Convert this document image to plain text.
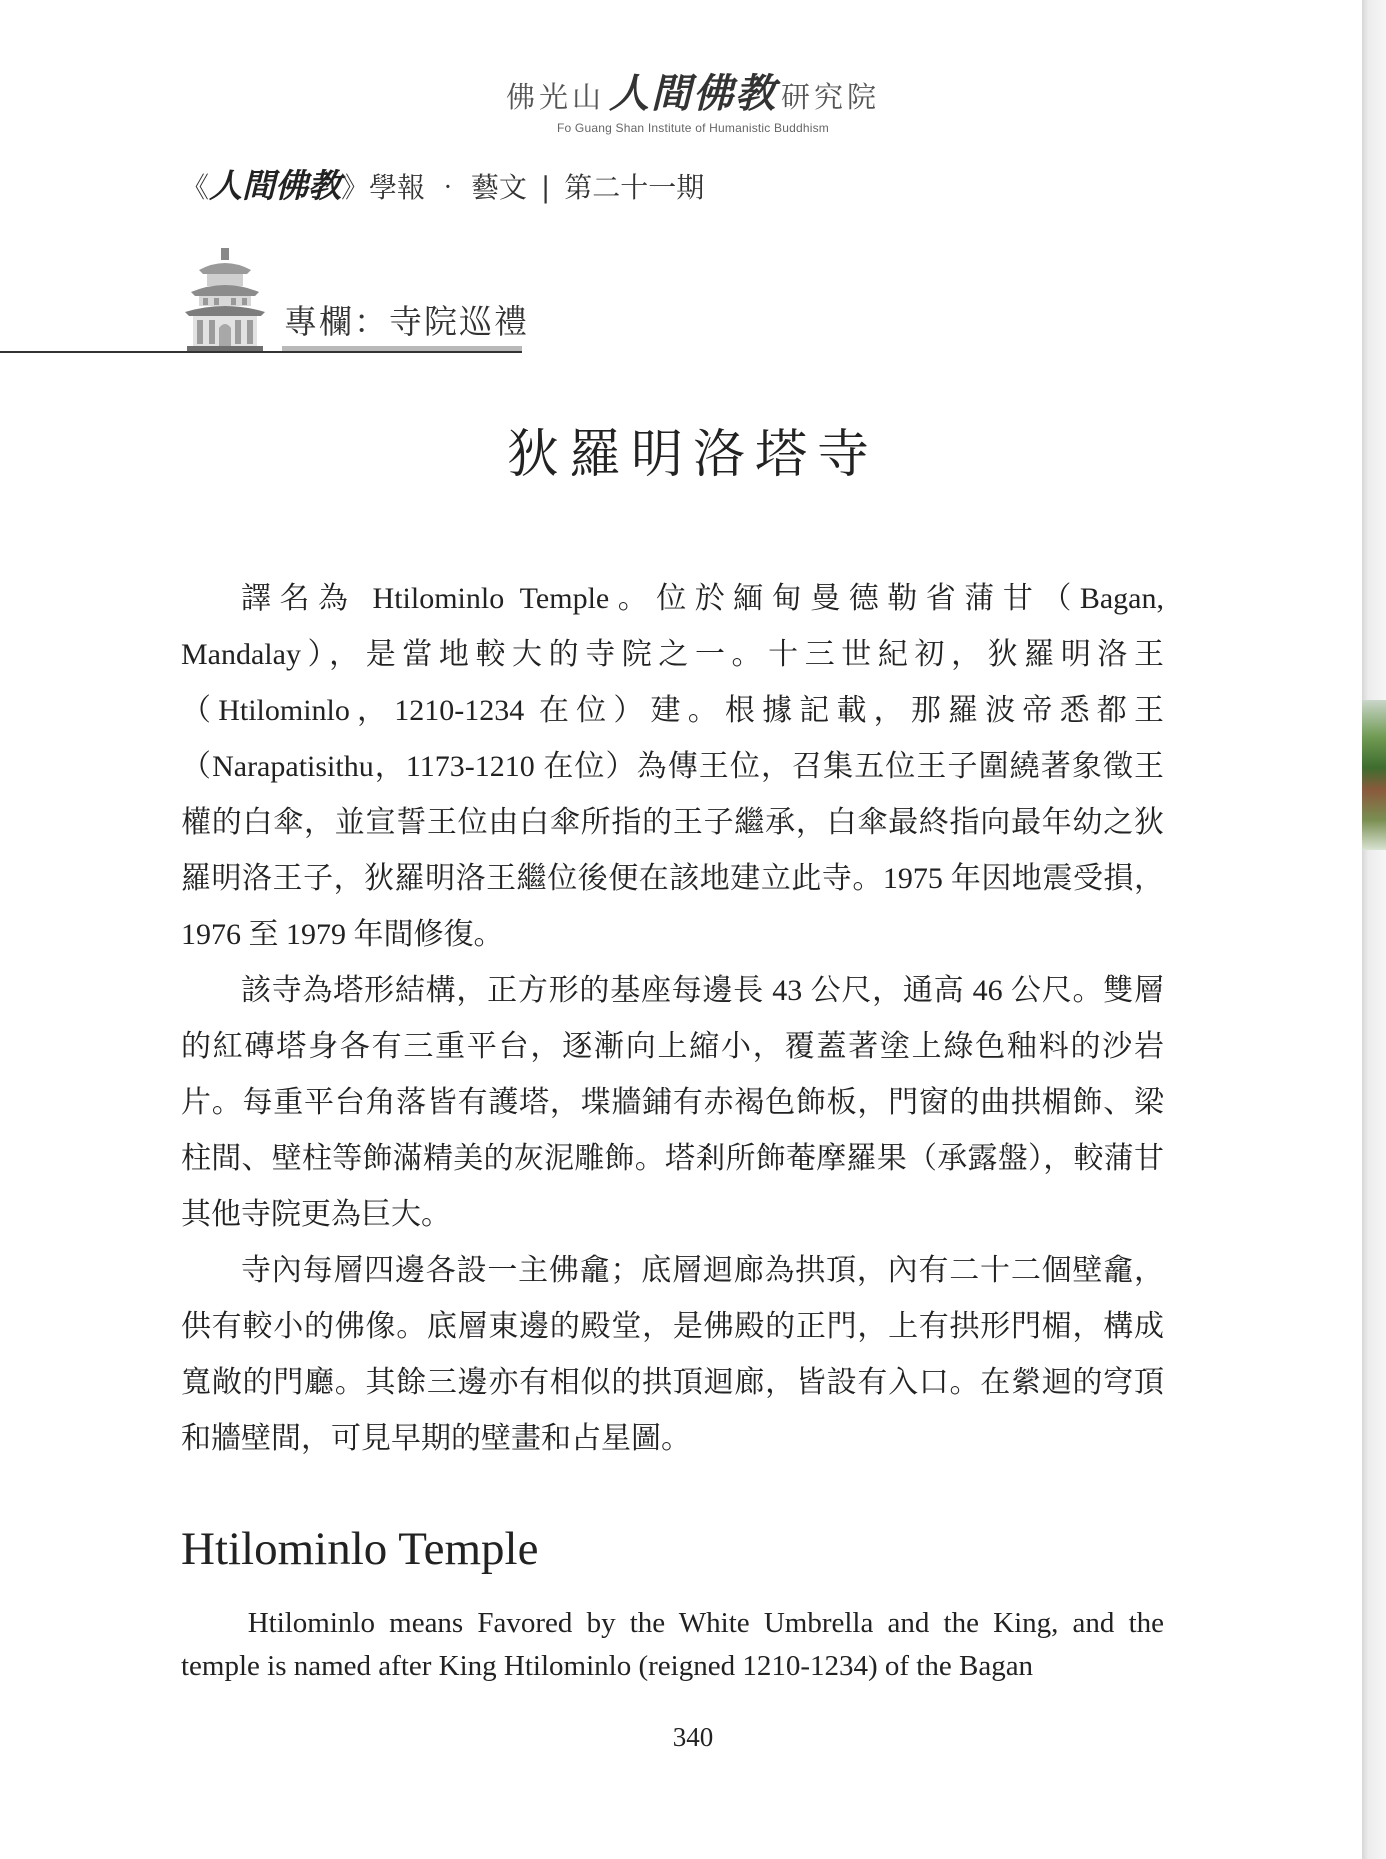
佛光山 人間佛教 研究院
Fo Guang Shan Institute of Humanistic Buddhism
《人間佛教》學報 ‧ 藝文 | 第二十一期
專欄：寺院巡禮
狄羅明洛塔寺

譯名為 Htilominlo Temple。位於緬甸曼德勒省蒲甘（Bagan, Mandalay），是當地較大的寺院之一。十三世紀初，狄羅明洛王（Htilominlo，1210-1234 在位）建。根據記載，那羅波帝悉都王（Narapatisithu，1173-1210 在位）為傳王位，召集五位王子圍繞著象徵王權的白傘，並宣誓王位由白傘所指的王子繼承，白傘最終指向最年幼之狄羅明洛王子，狄羅明洛王繼位後便在該地建立此寺。1975 年因地震受損，1976 至 1979 年間修復。

該寺為塔形結構，正方形的基座每邊長 43 公尺，通高 46 公尺。雙層的紅磚塔身各有三重平台，逐漸向上縮小，覆蓋著塗上綠色釉料的沙岩片。每重平台角落皆有護塔，堞牆鋪有赤褐色飾板，門窗的曲拱楣飾、梁柱間、壁柱等飾滿精美的灰泥雕飾。塔剎所飾菴摩羅果（承露盤），較蒲甘其他寺院更為巨大。

寺內每層四邊各設一主佛龕；底層迴廊為拱頂，內有二十二個壁龕，供有較小的佛像。底層東邊的殿堂，是佛殿的正門，上有拱形門楣，構成寬敞的門廳。其餘三邊亦有相似的拱頂迴廊，皆設有入口。在縈迴的穹頂和牆壁間，可見早期的壁畫和占星圖。

Htilominlo Temple

Htilominlo means Favored by the White Umbrella and the King, and the temple is named after King Htilominlo (reigned 1210-1234) of the Bagan

340
